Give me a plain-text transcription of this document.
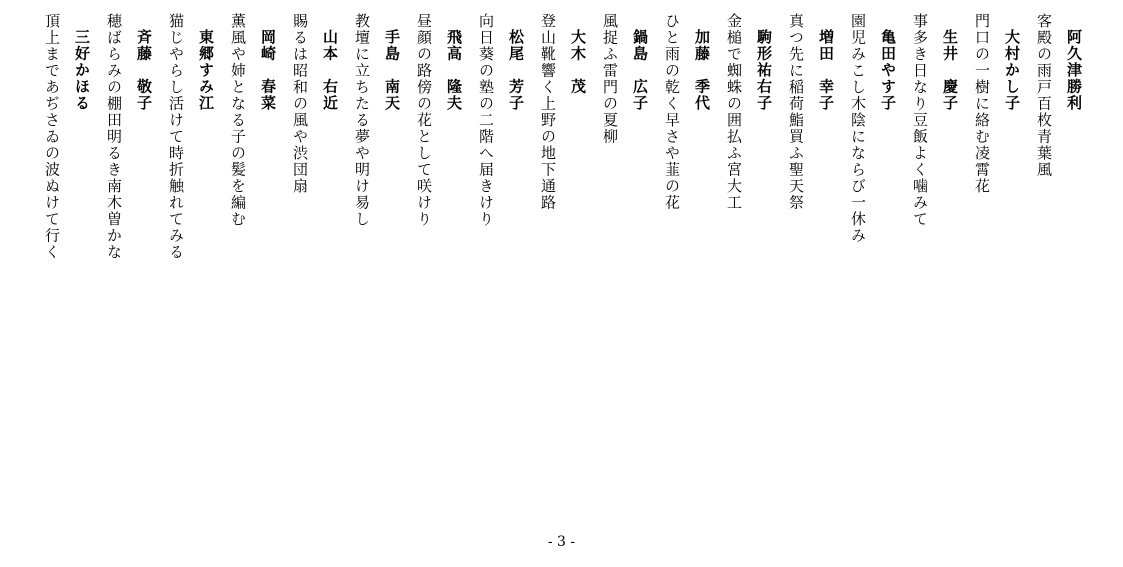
阿久津勝利
客殿の雨戸百枚青葉風
大村かし子
門口の一樹に絡む凌霄花
生井　慶子
事多き日なり豆飯よく噛みて
亀田やす子
園児みこし木陰にならび一休み
増田　幸子
真つ先に稲荷鮨買ふ聖天祭
駒形祐右子
金槌で蜘蛛の囲払ふ宮大工
加藤　季代
ひと雨の乾く早さや韮の花
鍋島　広子
風捉ふ雷門の夏柳
大木　茂
登山靴響く上野の地下通路
松尾　芳子
向日葵の塾の二階へ届きけり
飛高　隆夫
昼顔の路傍の花として咲けり
手島　南天
教壇に立ちたる夢や明け易し
山本　右近
賜るは昭和の風や渋団扇
岡崎　春菜
薫風や姉となる子の髪を編む
東郷すみ江
猫じやらし活けて時折触れてみる
斉藤　敬子
穂ばらみの棚田明るき南木曽かな
三好かほる
頂上まであぢさゐの波ぬけて行く
- 3 -
